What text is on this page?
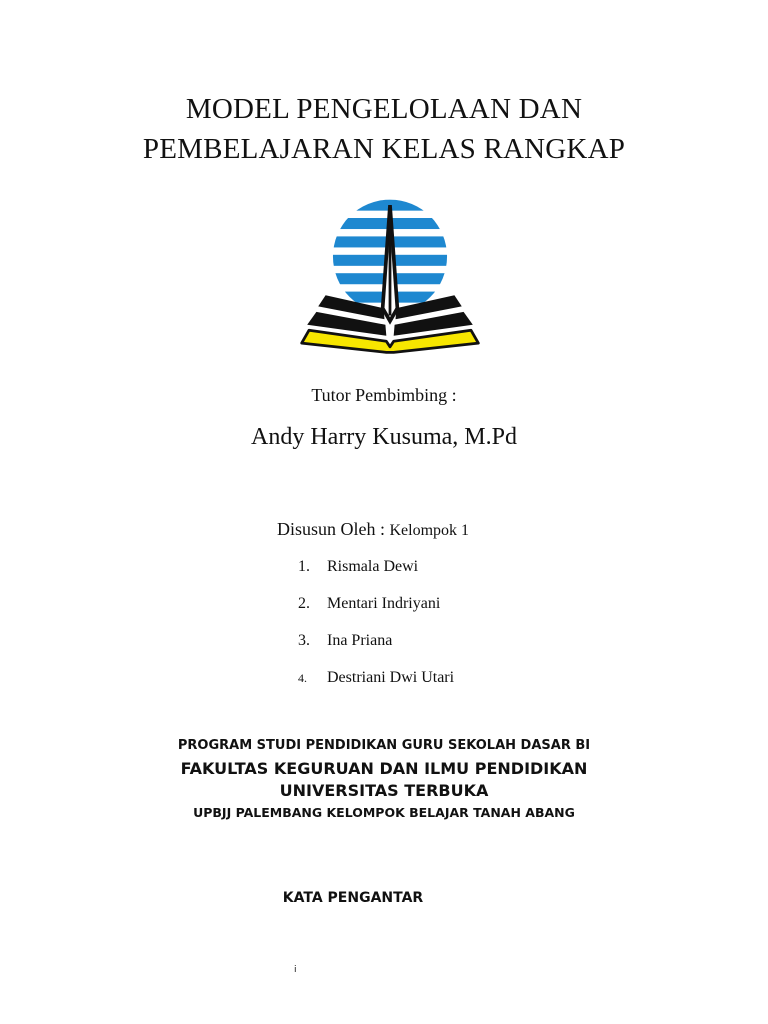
MODEL PENGELOLAAN DAN
PEMBELAJARAN KELAS RANGKAP
Tutor Pembimbing :
Andy Harry Kusuma, M.Pd
Disusun Oleh : Kelompok 1
1. Rismala Dewi
2. Mentari Indriyani
3. Ina Priana
4. Destriani Dwi Utari
PROGRAM STUDI PENDIDIKAN GURU SEKOLAH DASAR BI
FAKULTAS KEGURUAN DAN ILMU PENDIDIKAN
UNIVERSITAS TERBUKA
UPBJJ PALEMBANG KELOMPOK BELAJAR TANAH ABANG
KATA PENGANTAR
i
